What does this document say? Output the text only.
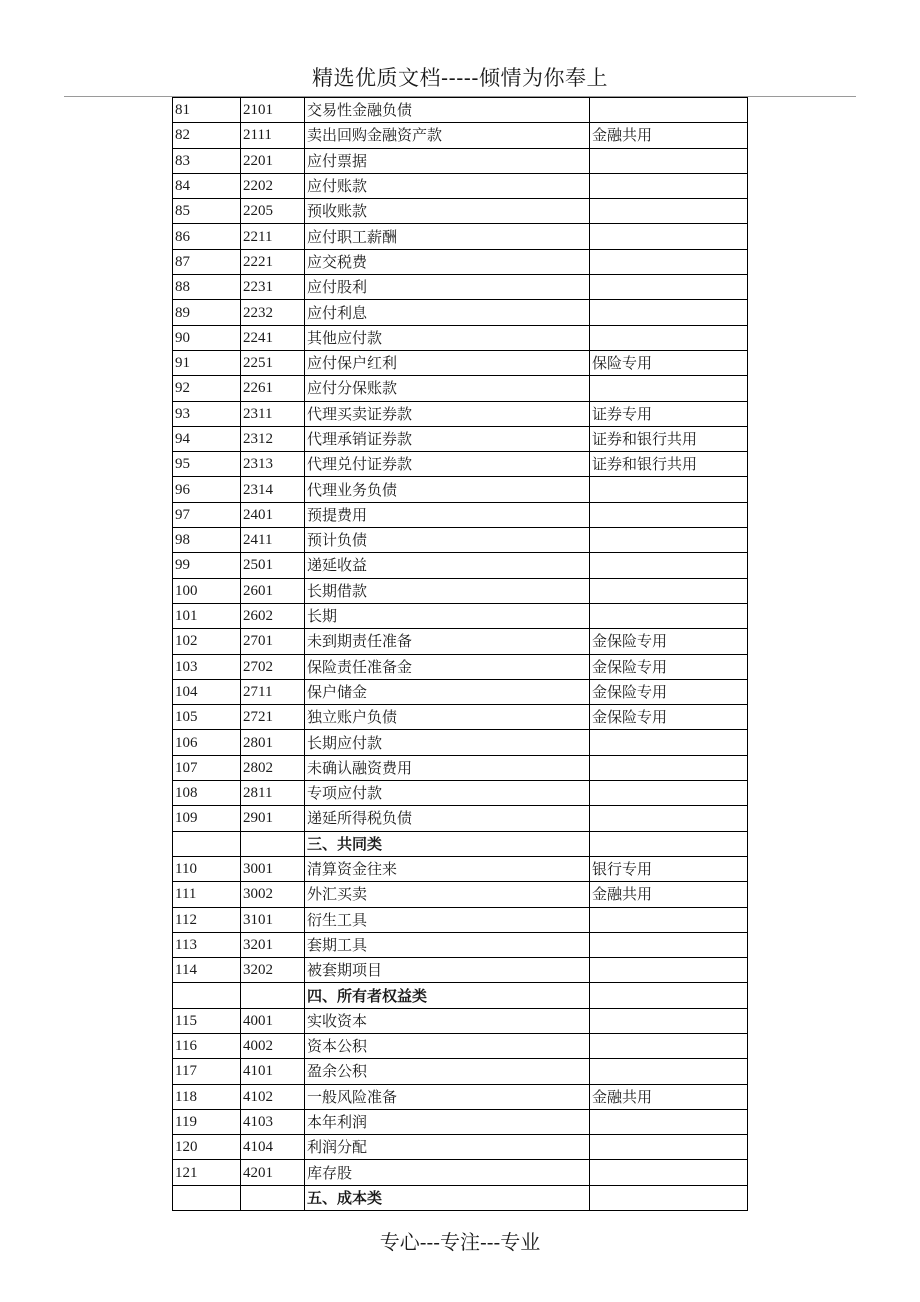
精选优质文档-----倾情为你奉上
81	2101	交易性金融负债	
82	2111	卖出回购金融资产款	金融共用
83	2201	应付票据	
84	2202	应付账款	
85	2205	预收账款	
86	2211	应付职工薪酬	
87	2221	应交税费	
88	2231	应付股利	
89	2232	应付利息	
90	2241	其他应付款	
91	2251	应付保户红利	保险专用
92	2261	应付分保账款	
93	2311	代理买卖证券款	证券专用
94	2312	代理承销证券款	证券和银行共用
95	2313	代理兑付证券款	证券和银行共用
96	2314	代理业务负债	
97	2401	预提费用	
98	2411	预计负债	
99	2501	递延收益	
100	2601	长期借款	
101	2602	长期	
102	2701	未到期责任准备	金保险专用
103	2702	保险责任准备金	金保险专用
104	2711	保户储金	金保险专用
105	2721	独立账户负债	金保险专用
106	2801	长期应付款	
107	2802	未确认融资费用	
108	2811	专项应付款	
109	2901	递延所得税负债	
		三、共同类	
110	3001	清算资金往来	银行专用
111	3002	外汇买卖	金融共用
112	3101	衍生工具	
113	3201	套期工具	
114	3202	被套期项目	
		四、所有者权益类	
115	4001	实收资本	
116	4002	资本公积	
117	4101	盈余公积	
118	4102	一般风险准备	金融共用
119	4103	本年利润	
120	4104	利润分配	
121	4201	库存股	
		五、成本类	
专心---专注---专业
